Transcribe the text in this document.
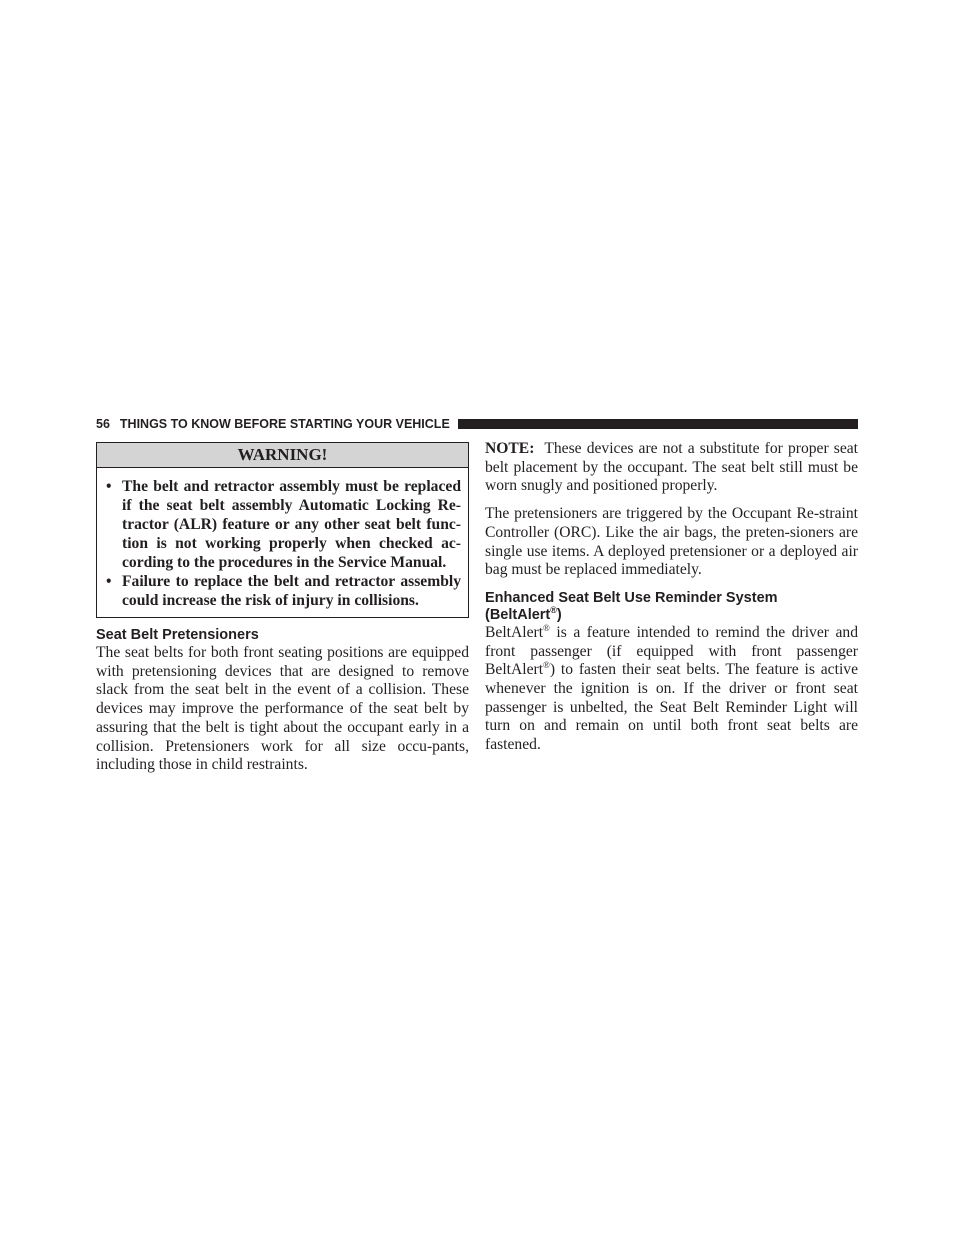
56 THINGS TO KNOW BEFORE STARTING YOUR VEHICLE
WARNING!
• The belt and retractor assembly must be replaced if the seat belt assembly Automatic Locking Re-tractor (ALR) feature or any other seat belt func-tion is not working properly when checked ac-cording to the procedures in the Service Manual.
• Failure to replace the belt and retractor assembly could increase the risk of injury in collisions.
Seat Belt Pretensioners

The seat belts for both front seating positions are equipped with pretensioning devices that are designed to remove slack from the seat belt in the event of a collision. These devices may improve the performance of the seat belt by assuring that the belt is tight about the occupant early in a collision. Pretensioners work for all size occu-pants, including those in child restraints.

NOTE: These devices are not a substitute for proper seat belt placement by the occupant. The seat belt still must be worn snugly and positioned properly.

The pretensioners are triggered by the Occupant Re-straint Controller (ORC). Like the air bags, the preten-sioners are single use items. A deployed pretensioner or a deployed air bag must be replaced immediately.

Enhanced Seat Belt Use Reminder System (BeltAlert®)

BeltAlert® is a feature intended to remind the driver and front passenger (if equipped with front passenger BeltAlert®) to fasten their seat belts. The feature is active whenever the ignition is on. If the driver or front seat passenger is unbelted, the Seat Belt Reminder Light will turn on and remain on until both front seat belts are fastened.
